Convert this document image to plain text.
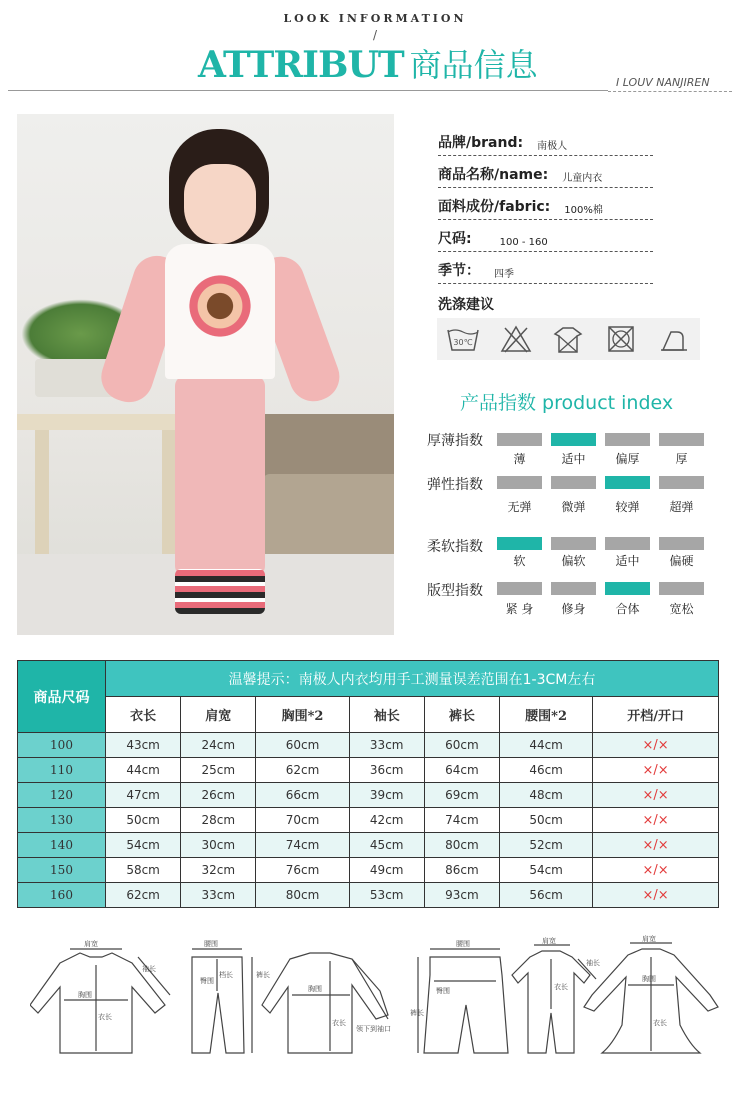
LOOK INFORMATION
/
ATTRIBUT 商品信息	I LOUV NANJIREN
品牌/brand: 南极人
商品名称/name: 儿童内衣
面料成份/fabric: 100%棉
尺码:	100 - 160
季节： 四季
洗涤建议
30℃
产品指数 product index
厚薄指数
薄	适中	偏厚	厚
弹性指数
无弹	微弹	较弹	超弹
柔软指数
软	偏软	适中	偏硬
版型指数
紧 身	修身	合体	宽松
商品尺码	温馨提示：南极人内衣均用手工测量误差范围在1-3CM左右						
	衣长	肩宽	胸围*2	袖长	裤长	腰围*2	开档/开口
100	43cm	24cm	60cm	33cm	60cm	44cm	×/×
110	44cm	25cm	62cm	36cm	64cm	46cm	×/×
120	47cm	26cm	66cm	39cm	69cm	48cm	×/×
130	50cm	28cm	70cm	42cm	74cm	50cm	×/×
140	54cm	30cm	74cm	45cm	80cm	52cm	×/×
150	58cm	32cm	76cm	49cm	86cm	54cm	×/×
160	62cm	33cm	80cm	53cm	93cm	56cm	×/×
肩宽
袖长
胸围
衣长
腰围
臀围
档长	裤长
胸围
衣长
领下到袖口
腰围
臀围
裤长
肩宽
衣长
袖长
肩宽
胸围
衣长
